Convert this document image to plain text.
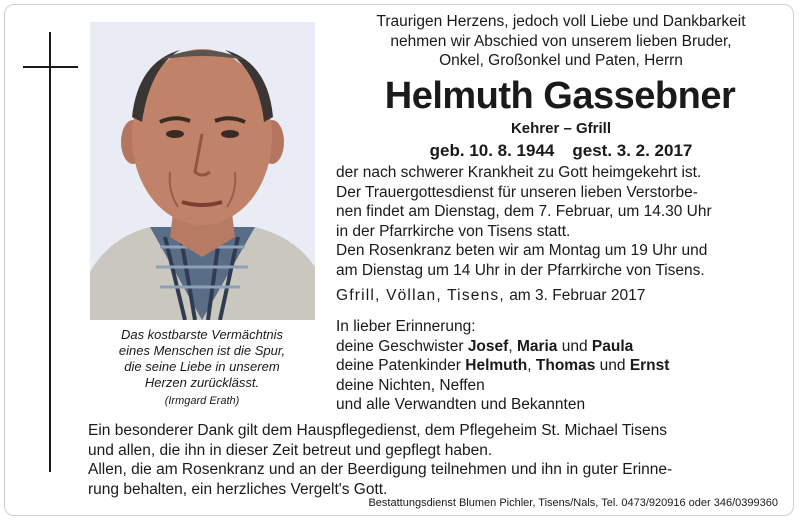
Das kostbarste Vermächtnis
eines Menschen ist die Spur,
die seine Liebe in unserem
Herzen zurücklässt.
(Irmgard Erath)
Traurigen Herzens, jedoch voll Liebe und Dankbarkeit
nehmen wir Abschied von unserem lieben Bruder,
Onkel, Großonkel und Paten, Herrn
Helmuth Gassebner
Kehrer – Gfrill
geb. 10. 8. 1944 gest. 3. 2. 2017
der nach schwerer Krankheit zu Gott heimgekehrt ist.
Der Trauergottesdienst für unseren lieben Verstorbe-
nen findet am Dienstag, dem 7. Februar, um 14.30 Uhr
in der Pfarrkirche von Tisens statt.
Den Rosenkranz beten wir am Montag um 19 Uhr und
am Dienstag um 14 Uhr in der Pfarrkirche von Tisens.
Gfrill, Völlan, Tisens, am 3. Februar 2017
In lieber Erinnerung:
deine Geschwister Josef, Maria und Paula
deine Patenkinder Helmuth, Thomas und Ernst
deine Nichten, Neffen
und alle Verwandten und Bekannten
Ein besonderer Dank gilt dem Hauspflegedienst, dem Pflegeheim St. Michael Tisens
und allen, die ihn in dieser Zeit betreut und gepflegt haben.
Allen, die am Rosenkranz und an der Beerdigung teilnehmen und ihn in guter Erinne-
rung behalten, ein herzliches Vergelt's Gott.
Bestattungsdienst Blumen Pichler, Tisens/Nals, Tel. 0473/920916 oder 346/0399360
